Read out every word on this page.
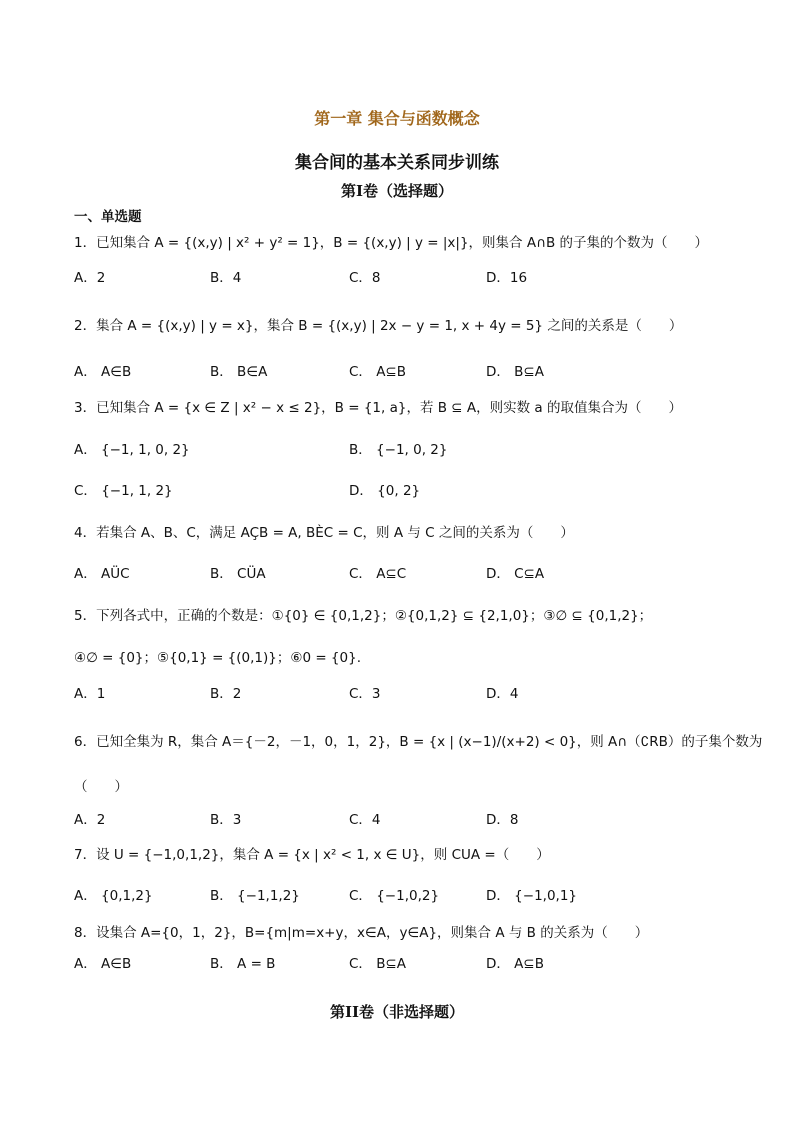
第一章 集合与函数概念
集合间的基本关系同步训练
第I卷（选择题）
一、单选题
1．已知集合 A = {(x,y) | x² + y² = 1}，B = {(x,y) | y = |x|}，则集合 A∩B 的子集的个数为（　　）
A．2	B．4	C．8	D．16
2．集合 A = {(x,y) | y = x}，集合 B = {(x,y) | 2x − y = 1, x + 4y = 5} 之间的关系是（　　）
A． A∈B	B． B∈A	C． A⊆B	D． B⊆A
3．已知集合 A = {x ∈ Z | x² − x ≤ 2}，B = {1, a}，若 B ⊆ A，则实数 a 的取值集合为（　　）
A． {−1, 1, 0, 2}	B． {−1, 0, 2}
C． {−1, 1, 2}	D． {0, 2}
4．若集合 A、B、C，满足 AÇB = A, BÈC = C，则 A 与 C 之间的关系为（　　）
A． AÜC	B． CÜA	C． A⊆C	D． C⊆A
5．下列各式中，正确的个数是：①{0} ∈ {0,1,2}；②{0,1,2} ⊆ {2,1,0}；③∅ ⊆ {0,1,2}；
④∅ = {0}；⑤{0,1} = {(0,1)}；⑥0 = {0}.
A．1	B．2	C．3	D．4
6．已知全集为 R，集合 A＝{－2，－1，0，1，2}，B = {x | (x−1)/(x+2) < 0}，则 A∩（∁RB）的子集个数为
（　　）
A．2	B．3	C．4	D．8
7．设 U = {−1,0,1,2}，集合 A = {x | x² < 1, x ∈ U}，则 CUA =（　　）
A． {0,1,2}	B． {−1,1,2}	C． {−1,0,2}	D． {−1,0,1}
8．设集合 A={0，1，2}，B={m|m=x+y，x∈A，y∈A}，则集合 A 与 B 的关系为（　　）
A． A∈B	B． A = B	C． B⊆A	D． A⊆B
第II卷（非选择题）
